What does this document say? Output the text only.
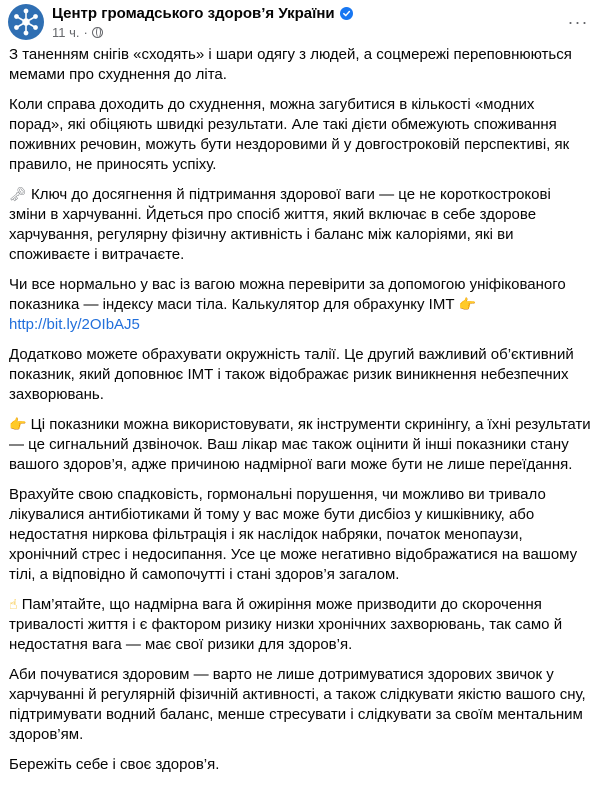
Центр громадського здоров’я України
11 ч. ·
···

З таненням снігів «сходять» і шари одягу з людей, а соцмережі переповнюються мемами про схуднення до літа.

Коли справа доходить до схуднення, можна загубитися в кількості «модних порад», які обіцяють швидкі результати. Але такі дієти обмежують споживання поживних речовин, можуть бути нездоровими й у довгостроковій перспективі, як правило, не приносять успіху.

🗝 Ключ до досягнення й підтримання здорової ваги — це не короткострокові зміни в харчуванні. Йдеться про спосіб життя, який включає в себе здорове харчування, регулярну фізичну активність і баланс між калоріями, які ви споживаєте і витрачаєте.

Чи все нормально у вас із вагою можна перевірити за допомогою уніфікованого показника — індексу маси тіла. Калькулятор для обрахунку ІМТ 👉 http://bit.ly/2OIbAJ5

Додатково можете обрахувати окружність талії. Це другий важливий об’єктивний показник, який доповнює ІМТ і також відображає ризик виникнення небезпечних захворювань.

👉 Ці показники можна використовувати, як інструменти скринінгу, а їхні результати — це сигнальний дзвіночок. Ваш лікар має також оцінити й інші показники стану вашого здоров’я, адже причиною надмірної ваги може бути не лише переїдання.

Врахуйте свою спадковість, гормональні порушення, чи можливо ви тривало лікувалися антибіотиками й тому у вас може бути дисбіоз у кишківнику, або недостатня ниркова фільтрація і як наслідок набряки, початок менопаузи, хронічний стрес і недосипання. Усе це може негативно відображатися на вашому тілі, а відповідно й самопочутті і стані здоров’я загалом.

☝ Пам’ятайте, що надмірна вага й ожиріння може призводити до скорочення тривалості життя і є фактором ризику низки хронічних захворювань, так само й недостатня вага — має свої ризики для здоров’я.

Аби почуватися здоровим — варто не лише дотримуватися здорових звичок у харчуванні й регулярній фізичній активності, а також слідкувати якістю вашого сну, підтримувати водний баланс, менше стресувати і слідкувати за своїм ментальним здоров’ям.

Бережіть себе і своє здоров’я.
